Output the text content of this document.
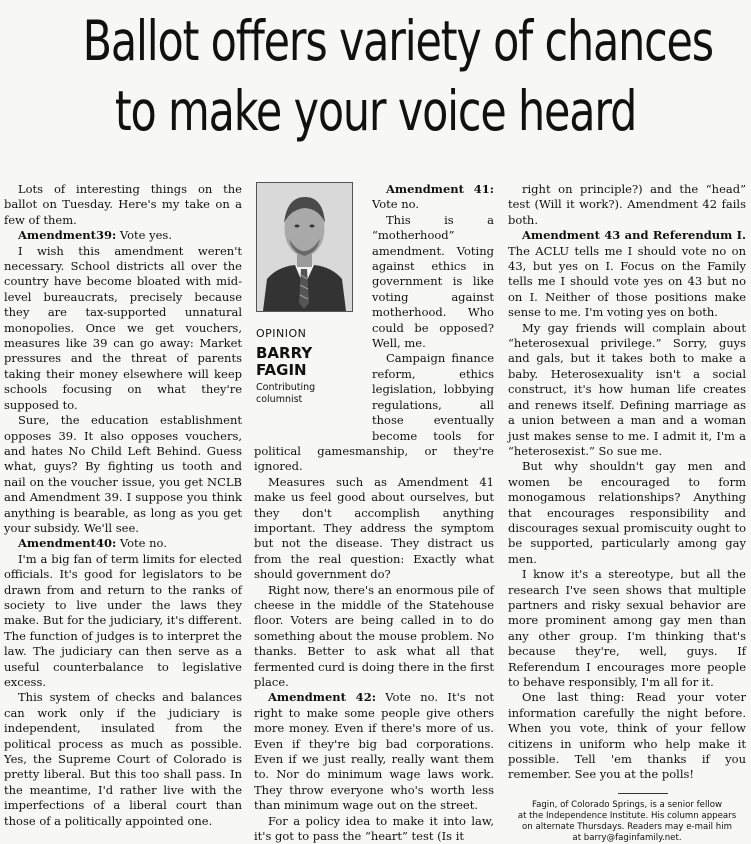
Ballot offers variety of chances
to make your voice heard

Lots of interesting things on the ballot on Tuesday. Here's my take on a few of them.

Amendment39: Vote yes.

I wish this amendment weren't necessary. School districts all over the country have become bloated with mid-level bureaucrats, precisely because they are tax-supported unnatural monopolies. Once we get vouchers, measures like 39 can go away: Market pressures and the threat of parents taking their money elsewhere will keep schools focusing on what they're supposed to.

Sure, the education establishment opposes 39. It also opposes vouchers, and hates No Child Left Behind. Guess what, guys? By fighting us tooth and nail on the voucher issue, you get NCLB and Amendment 39. I suppose you think anything is bearable, as long as you get your subsidy. We'll see.

Amendment40: Vote no.

I'm a big fan of term limits for elected officials. It's good for legislators to be drawn from and return to the ranks of society to live under the laws they make. But for the judiciary, it's different. The function of judges is to interpret the law. The judiciary can then serve as a useful counterbalance to legislative excess.

This system of checks and balances can work only if the judiciary is independent, insulated from the political process as much as possible. Yes, the Supreme Court of Colorado is pretty liberal. But this too shall pass. In the meantime, I'd rather live with the imperfections of a liberal court than those of a politically appointed one.

OPINION
BARRY
FAGIN
Contributing
columnist

Amendment 41: Vote no.

This is a “motherhood” amendment. Voting against ethics in government is like voting against motherhood. Who could be opposed? Well, me.

Campaign finance reform, ethics legislation, lobbying regulations, all those eventually become tools for political gamesmanship, or they're ignored.

Measures such as Amendment 41 make us feel good about ourselves, but they don't accomplish anything important. They address the symptom but not the disease. They distract us from the real question: Exactly what should government do?

Right now, there's an enormous pile of cheese in the middle of the Statehouse floor. Voters are being called in to do something about the mouse problem. No thanks. Better to ask what all that fermented curd is doing there in the first place.

Amendment 42: Vote no. It's not right to make some people give others more money. Even if there's more of us. Even if they're big bad corporations. Even if we just really, really want them to. Nor do minimum wage laws work. They throw everyone who's worth less than minimum wage out on the street.

For a policy idea to make it into law, it's got to pass the “heart” test (Is it

right on principle?) and the “head” test (Will it work?). Amendment 42 fails both.

Amendment 43 and Referendum I. The ACLU tells me I should vote no on 43, but yes on I. Focus on the Family tells me I should vote yes on 43 but no on I. Neither of those positions make sense to me. I'm voting yes on both.

My gay friends will complain about “heterosexual privilege.” Sorry, guys and gals, but it takes both to make a baby. Heterosexuality isn't a social construct, it's how human life creates and renews itself. Defining marriage as a union between a man and a woman just makes sense to me. I admit it, I'm a “heterosexist.” So sue me.

But why shouldn't gay men and women be encouraged to form monogamous relationships? Anything that encourages responsibility and discourages sexual promiscuity ought to be supported, particularly among gay men.

I know it's a stereotype, but all the research I've seen shows that multiple partners and risky sexual behavior are more prominent among gay men than any other group. I'm thinking that's because they're, well, guys. If Referendum I encourages more people to behave responsibly, I'm all for it.

One last thing: Read your voter information carefully the night before. When you vote, think of your fellow citizens in uniform who help make it possible. Tell 'em thanks if you remember. See you at the polls!

Fagin, of Colorado Springs, is a senior fellow
at the Independence Institute. His column appears
on alternate Thursdays. Readers may e-mail him
at barry@faginfamily.net.
